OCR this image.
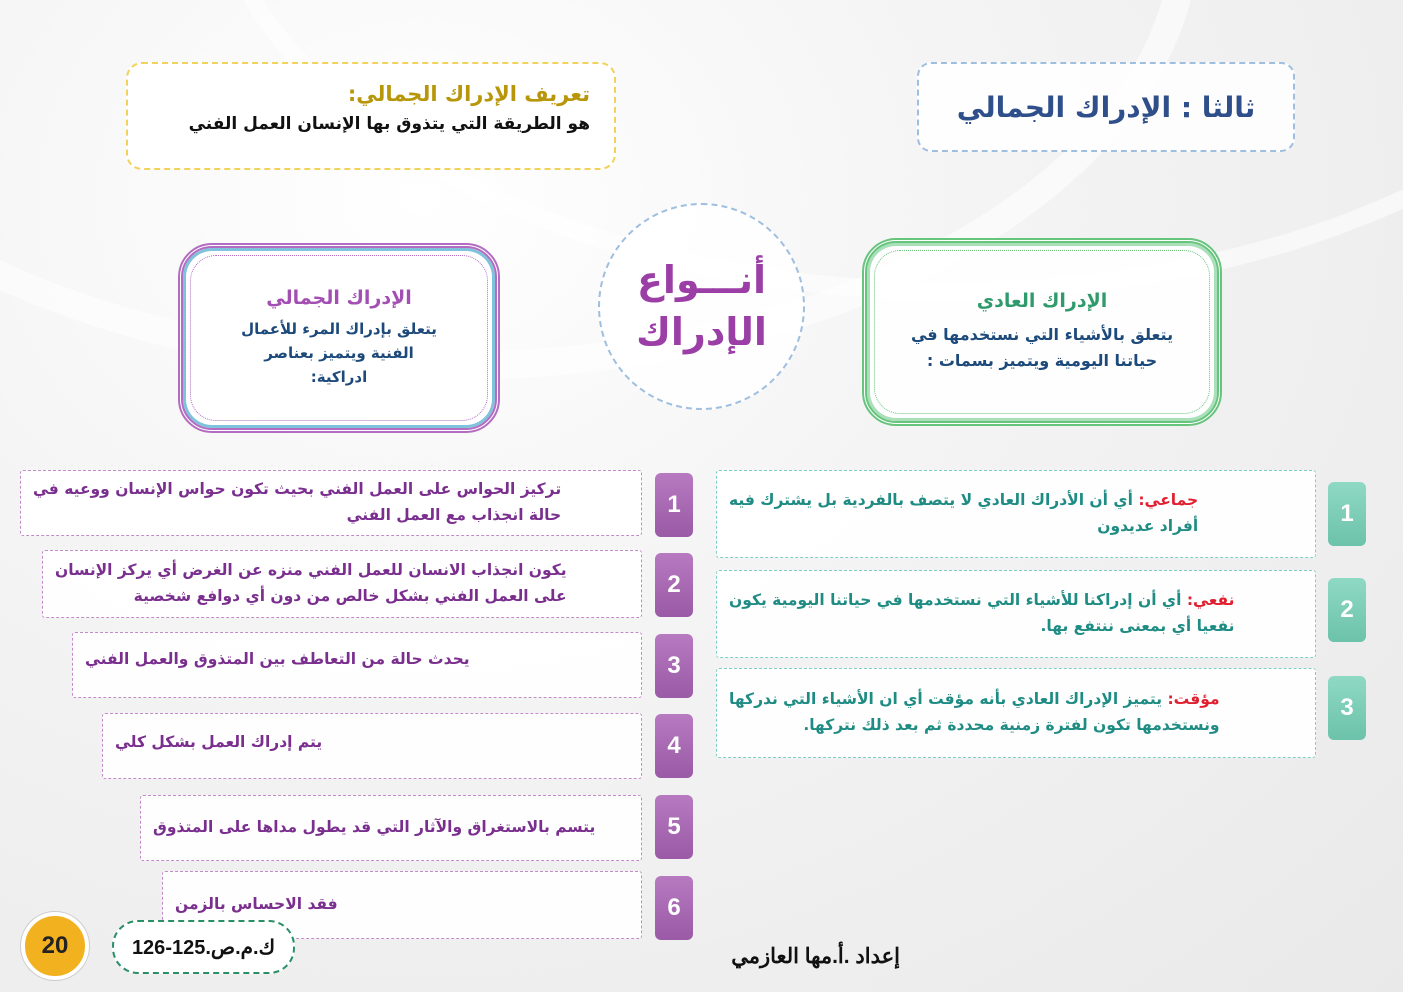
ثالثا : الإدراك الجمالي
تعريف الإدراك الجمالي:
هو الطريقة التي يتذوق بها الإنسان العمل الفني
أنـــواع
الإدراك
الإدراك العادي
يتعلق بالأشياء التي نستخدمها في
حياتنا اليومية ويتميز بسمات :
الإدراك الجمالي
يتعلق بإدراك المرء للأعمال
الفنية ويتميز بعناصر
ادراكية:
تركيز الحواس على العمل الفني بحيث تكون حواس الإنسان ووعيه في
حالة انجذاب مع العمل الفني	1
يكون انجذاب الانسان للعمل الفني منزه عن الغرض أي يركز الإنسان
على العمل الفني بشكل خالص من دون أي دوافع شخصية	2
يحدث حالة من التعاطف بين المتذوق والعمل الفني	3
يتم إدراك العمل بشكل كلي	4
يتسم بالاستغراق والآثار التي قد يطول مداها على المتذوق	5
فقد الاحساس بالزمن	6
جماعي: أي أن الأدراك العادي لا يتصف بالفردية بل يشترك فيه
أفراد عديدون	1
نفعي: أي أن إدراكنا للأشياء التي نستخدمها في حياتنا اليومية يكون
نفعيا أي بمعنى ننتفع بها.
2
مؤقت: يتميز الإدراك العادي بأنه مؤقت أي ان الأشياء التي ندركها
ونستخدمها تكون لفترة زمنية محددة ثم بعد ذلك نتركها.
3
20	ك.م.ص.125-126	إعداد .أ.مها العازمي
